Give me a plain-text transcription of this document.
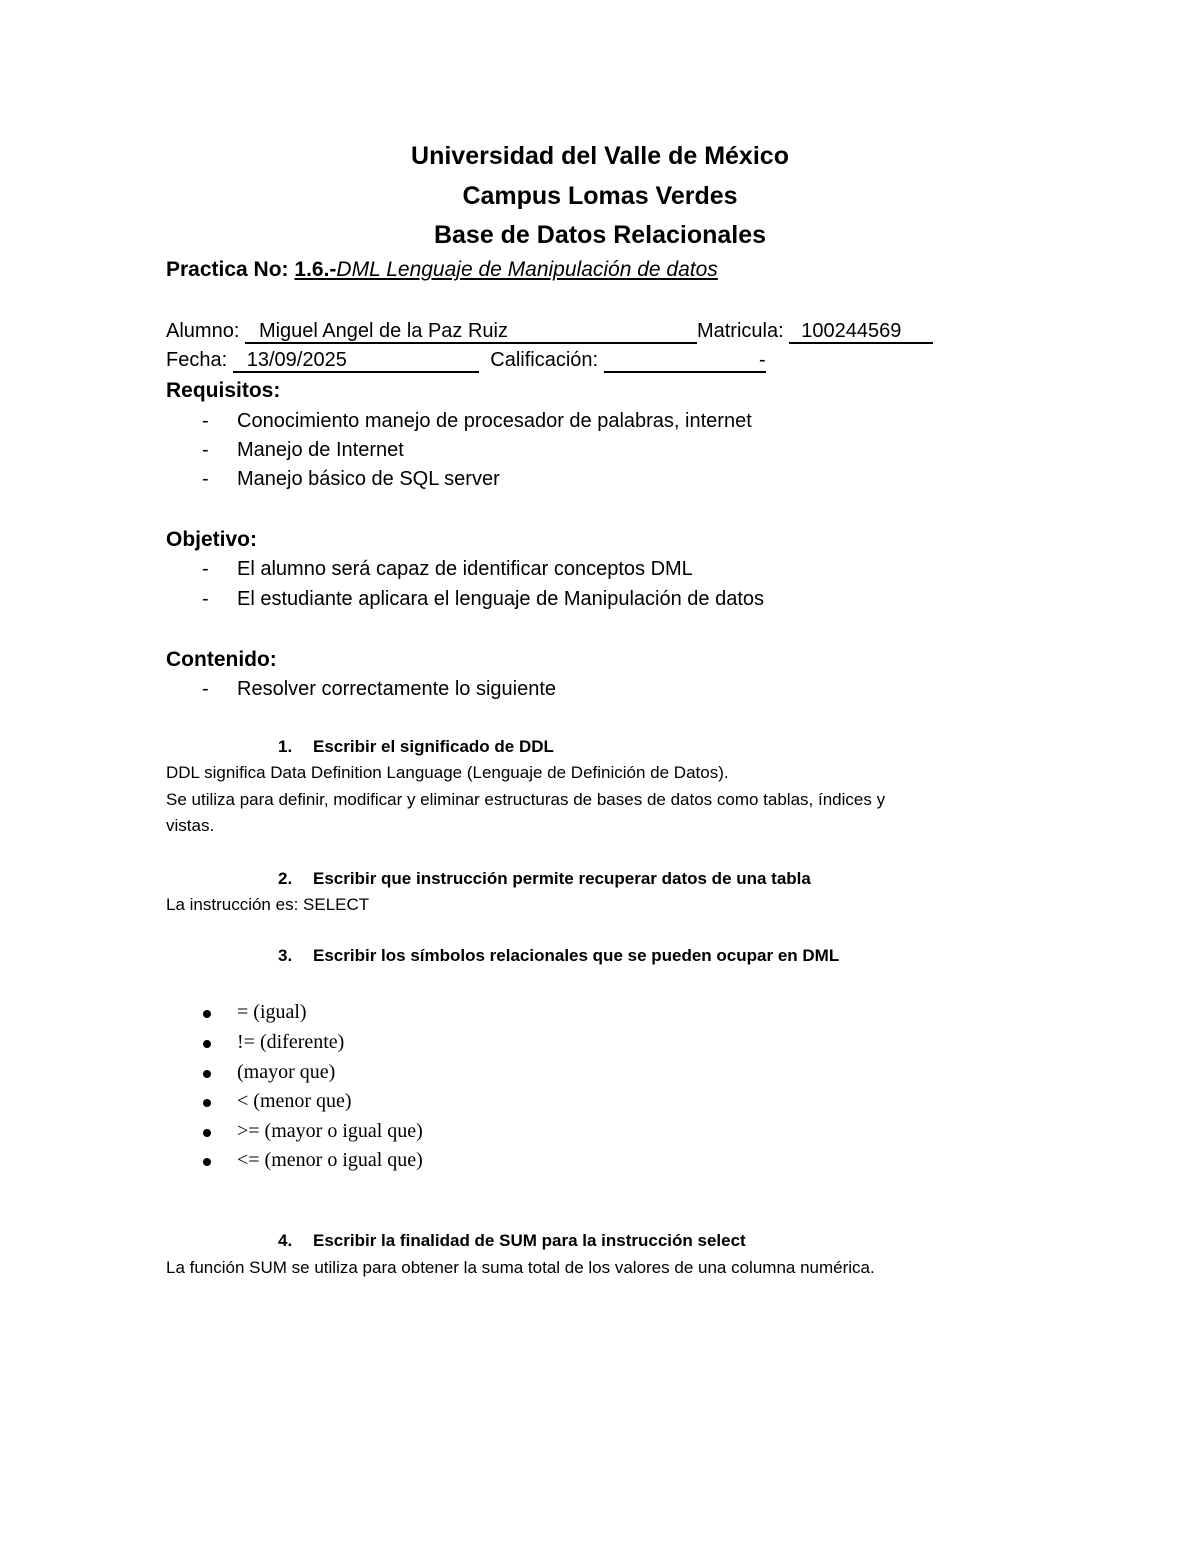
Universidad del Valle de México
Campus Lomas Verdes
Base de Datos Relacionales
Practica No: 1.6.-DML Lenguaje de Manipulación de datos
Alumno: Miguel Angel de la Paz Ruiz	Matricula: 100244569
Fecha: 13/09/2025	Calificación:	-
Requisitos:
- Conocimiento manejo de procesador de palabras, internet
- Manejo de Internet
- Manejo básico de SQL server
Objetivo:
- El alumno será capaz de identificar conceptos DML
- El estudiante aplicara el lenguaje de Manipulación de datos
Contenido:
- Resolver correctamente lo siguiente
1. Escribir el significado de DDL
DDL significa Data Definition Language (Lenguaje de Definición de Datos).
Se utiliza para definir, modificar y eliminar estructuras de bases de datos como tablas, índices y
vistas.
2. Escribir que instrucción permite recuperar datos de una tabla
La instrucción es: SELECT
3. Escribir los símbolos relacionales que se pueden ocupar en DML
= (igual)
!= (diferente)
(mayor que)
< (menor que)
>= (mayor o igual que)
<= (menor o igual que)
4. Escribir la finalidad de SUM para la instrucción select
La función SUM se utiliza para obtener la suma total de los valores de una columna numérica.
